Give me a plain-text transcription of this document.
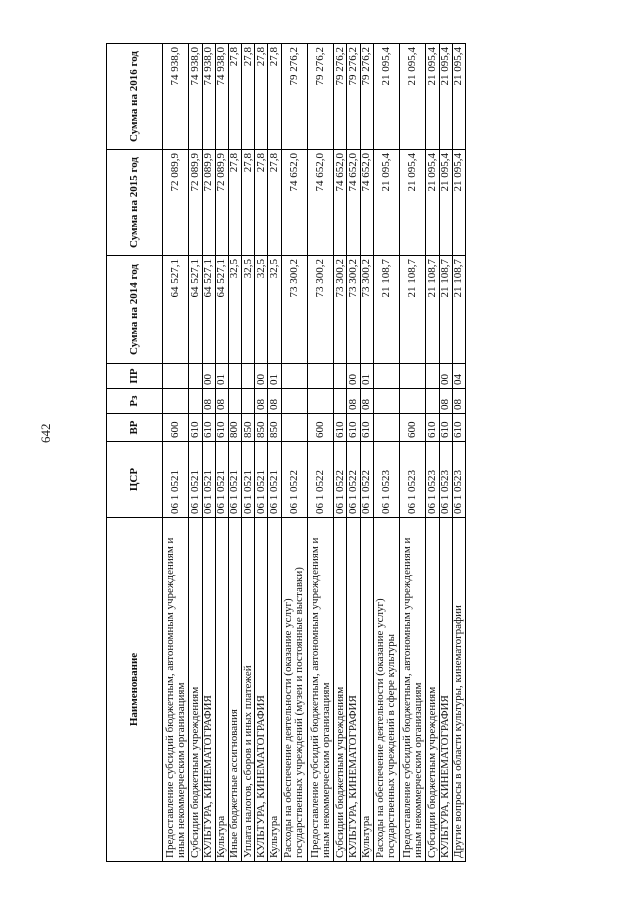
642
Наименование	ЦСР	ВР	Рз	ПР	Сумма на 2014 год	Сумма на 2015 год	Сумма на 2016 год
Предоставление субсидий бюджетным, автономным учреждениям и иным некоммерческим организациям	06 1 0521	600			64 527,1	72 089,9	74 938,0
Субсидии бюджетным учреждениям	06 1 0521	610			64 527,1	72 089,9	74 938,0
КУЛЬТУРА, КИНЕМАТОГРАФИЯ	06 1 0521	610	08	00	64 527,1	72 089,9	74 938,0
Культура	06 1 0521	610	08	01	64 527,1	72 089,9	74 938,0
Иные бюджетные ассигнования	06 1 0521	800			32,5	27,8	27,8
Уплата налогов, сборов и иных платежей	06 1 0521	850			32,5	27,8	27,8
КУЛЬТУРА, КИНЕМАТОГРАФИЯ	06 1 0521	850	08	00	32,5	27,8	27,8
Культура	06 1 0521	850	08	01	32,5	27,8	27,8
Расходы на обеспечение деятельности (оказание услуг) государственных учреждений (музеи и постоянные выставки)	06 1 0522				73 300,2	74 652,0	79 276,2
Предоставление субсидий бюджетным, автономным учреждениям и иным некоммерческим организациям	06 1 0522	600			73 300,2	74 652,0	79 276,2
Субсидии бюджетным учреждениям	06 1 0522	610			73 300,2	74 652,0	79 276,2
КУЛЬТУРА, КИНЕМАТОГРАФИЯ	06 1 0522	610	08	00	73 300,2	74 652,0	79 276,2
Культура	06 1 0522	610	08	01	73 300,2	74 652,0	79 276,2
Расходы на обеспечение деятельности (оказание услуг) государственных учреждений в сфере культуры	06 1 0523				21 108,7	21 095,4	21 095,4
Предоставление субсидий бюджетным, автономным учреждениям и иным некоммерческим организациям	06 1 0523	600			21 108,7	21 095,4	21 095,4
Субсидии бюджетным учреждениям	06 1 0523	610			21 108,7	21 095,4	21 095,4
КУЛЬТУРА, КИНЕМАТОГРАФИЯ	06 1 0523	610	08	00	21 108,7	21 095,4	21 095,4
Другие вопросы в области культуры, кинематографии	06 1 0523	610	08	04	21 108,7	21 095,4	21 095,4
